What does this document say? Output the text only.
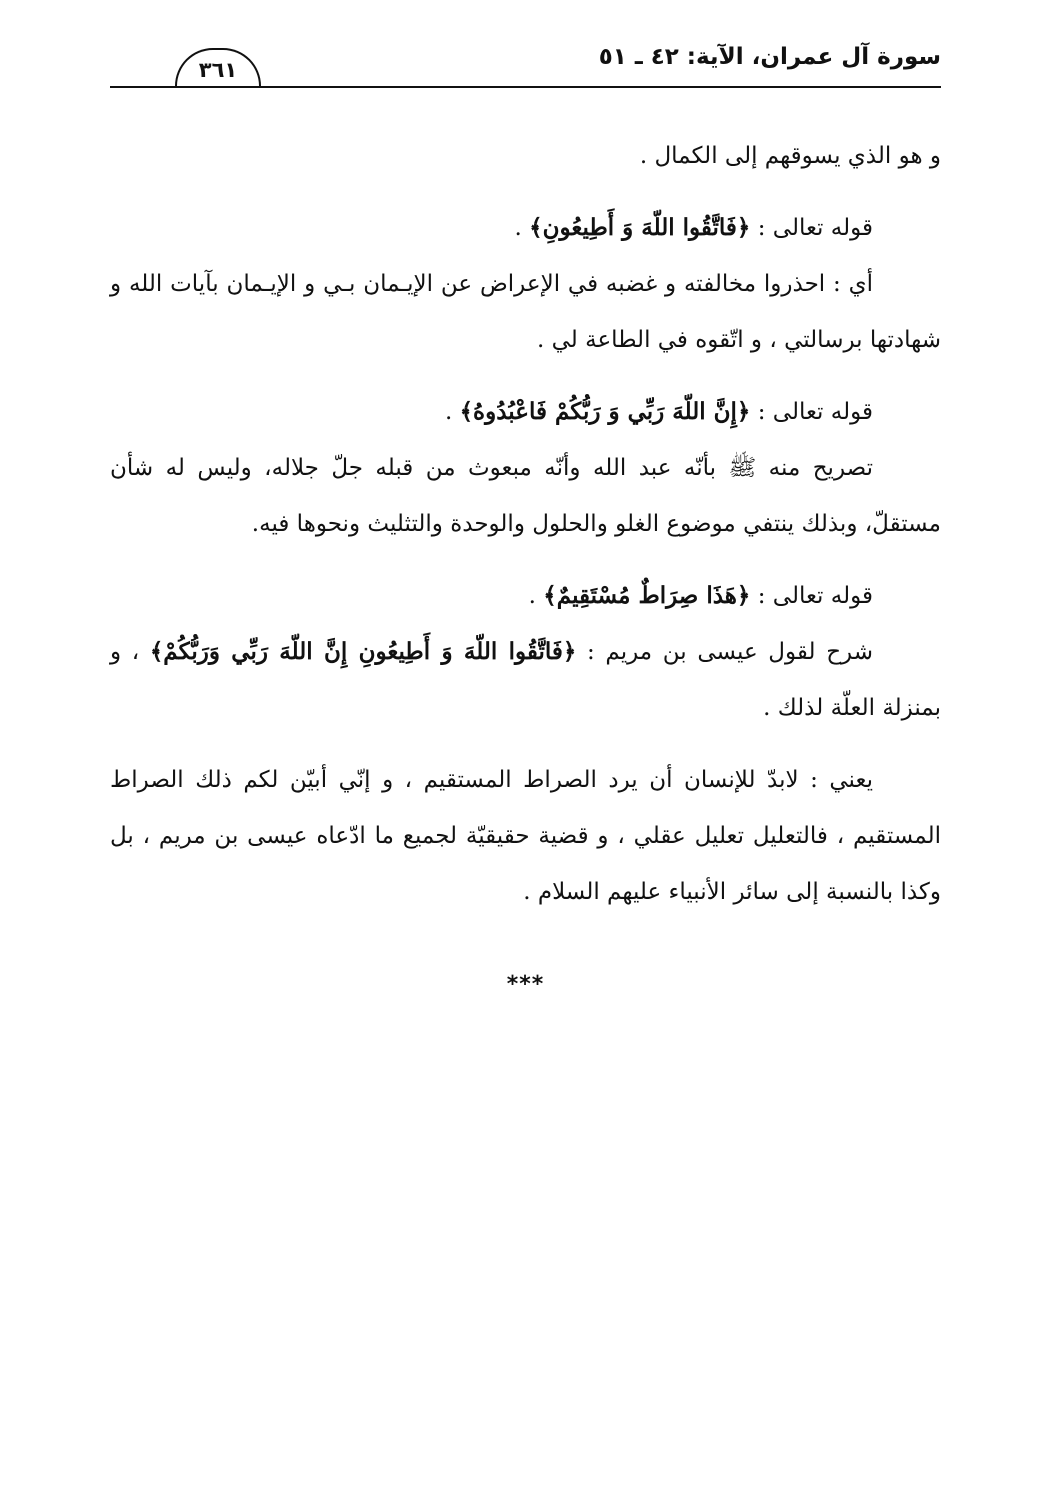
سورة آل عمران، الآية: ٤٢ ـ ٥١
٣٦١

و هو الذي يسوقهم إلى الكمال .

قوله تعالى : ﴿فَاتَّقُوا اللّهَ وَ أَطِيعُونِ﴾ .

أي : احذروا مخالفته و غضبه في الإعراض عن الإيـمان بـي و الإيـمان بآيات الله و شهادتها برسالتي ، و اتّقوه في الطاعة لي .

قوله تعالى : ﴿إِنَّ اللّهَ رَبِّي وَ رَبُّكُمْ فَاعْبُدُوهُ﴾ .

تصريح منه ﷺ بأنّه عبد الله وأنّه مبعوث من قبله جلّ جلاله، وليس له شأن مستقلّ، وبذلك ينتفي موضوع الغلو والحلول والوحدة والتثليث ونحوها فيه.

قوله تعالى : ﴿هَذَا صِرَاطٌ مُسْتَقِيمٌ﴾ .

شرح لقول عيسى بن مريم : ﴿فَاتَّقُوا اللّهَ وَ أَطِيعُونِ إِنَّ اللّهَ رَبِّي وَرَبُّكُمْ﴾ ، و بمنزلة العلّة لذلك .

يعني : لابدّ للإنسان أن يرد الصراط المستقيم ، و إنّي أبيّن لكم ذلك الصراط المستقيم ، فالتعليل تعليل عقلي ، و قضية حقيقيّة لجميع ما ادّعاه عيسى بن مريم ، بل وكذا بالنسبة إلى سائر الأنبياء عليهم السلام .

***
